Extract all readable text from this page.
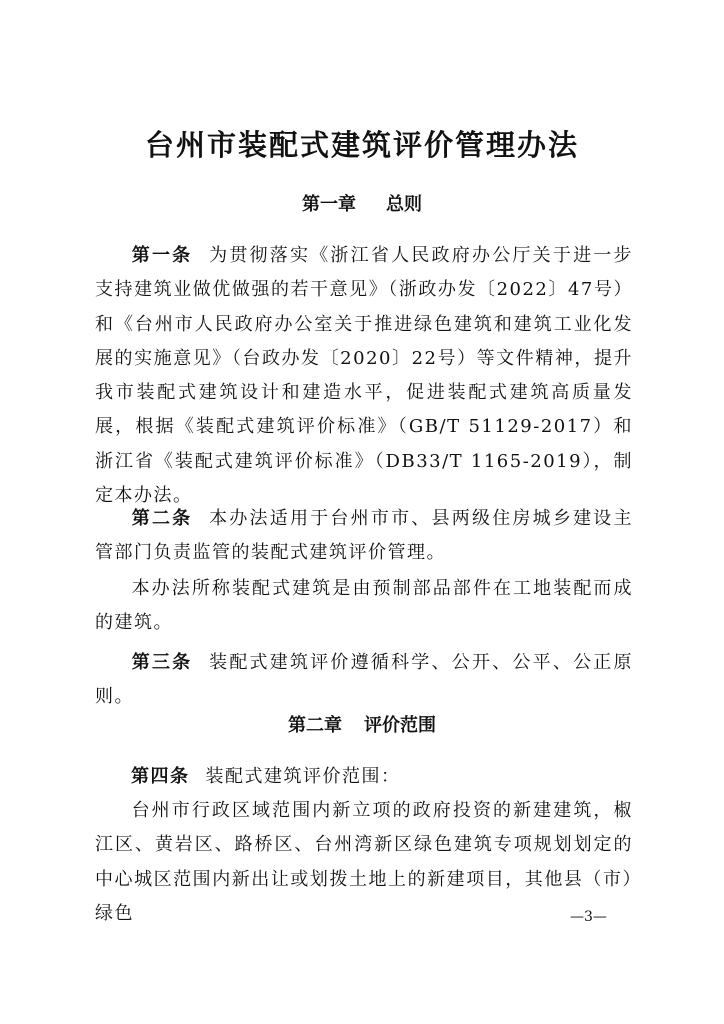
台州市装配式建筑评价管理办法
第一章 总则
第一条 为贯彻落实《浙江省人民政府办公厅关于进一步支持建筑业做优做强的若干意见》（浙政办发〔2022〕47号）和《台州市人民政府办公室关于推进绿色建筑和建筑工业化发展的实施意见》（台政办发〔2020〕22号）等文件精神，提升我市装配式建筑设计和建造水平，促进装配式建筑高质量发展，根据《装配式建筑评价标准》（GB/T 51129-2017）和浙江省《装配式建筑评价标准》（DB33/T 1165-2019），制定本办法。
第二条 本办法适用于台州市市、县两级住房城乡建设主管部门负责监管的装配式建筑评价管理。
本办法所称装配式建筑是由预制部品部件在工地装配而成的建筑。
第三条 装配式建筑评价遵循科学、公开、公平、公正原则。
第二章 评价范围
第四条 装配式建筑评价范围：
台州市行政区域范围内新立项的政府投资的新建建筑，椒江区、黄岩区、路桥区、台州湾新区绿色建筑专项规划划定的中心城区范围内新出让或划拨土地上的新建项目，其他县（市）绿色	—3—
